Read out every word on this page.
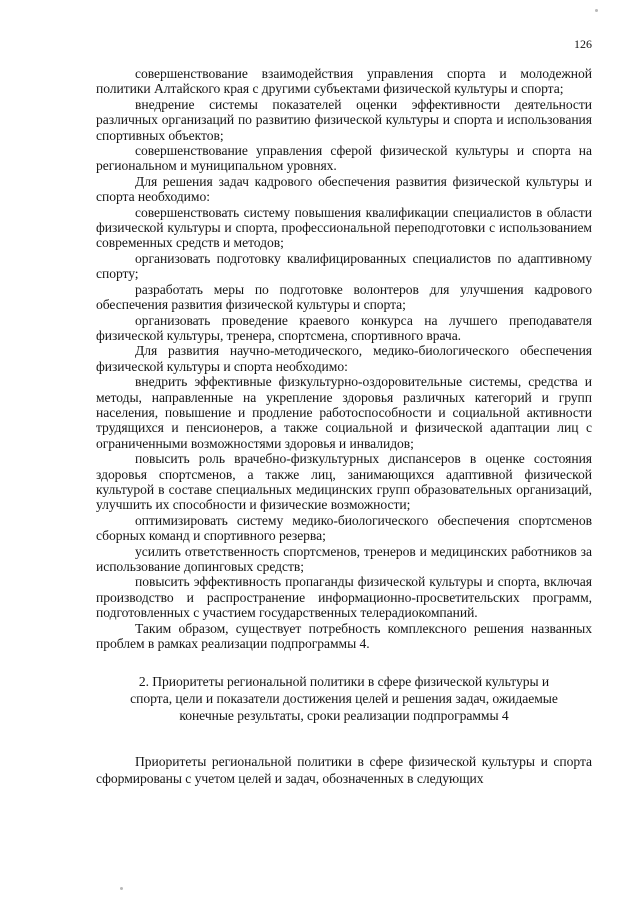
126

совершенствование взаимодействия управления спорта и молодежной политики Алтайского края с другими субъектами физической культуры и спорта;

внедрение системы показателей оценки эффективности деятельности различных организаций по развитию физической культуры и спорта и использования спортивных объектов;

совершенствование управления сферой физической культуры и спорта на региональном и муниципальном уровнях.

Для решения задач кадрового обеспечения развития физической культуры и спорта необходимо:

совершенствовать систему повышения квалификации специалистов в области физической культуры и спорта, профессиональной переподготовки с использованием современных средств и методов;

организовать подготовку квалифицированных специалистов по адаптивному спорту;

разработать меры по подготовке волонтеров для улучшения кадрового обеспечения развития физической культуры и спорта;

организовать проведение краевого конкурса на лучшего преподавателя физической культуры, тренера, спортсмена, спортивного врача.

Для развития научно-методического, медико-биологического обеспечения физической культуры и спорта необходимо:

внедрить эффективные физкультурно-оздоровительные системы, средства и методы, направленные на укрепление здоровья различных категорий и групп населения, повышение и продление работоспособности и социальной активности трудящихся и пенсионеров, а также социальной и физической адаптации лиц с ограниченными возможностями здоровья и инвалидов;

повысить роль врачебно-физкультурных диспансеров в оценке состояния здоровья спортсменов, а также лиц, занимающихся адаптивной физической культурой в составе специальных медицинских групп образовательных организаций, улучшить их способности и физические возможности;

оптимизировать систему медико-биологического обеспечения спортсменов сборных команд и спортивного резерва;

усилить ответственность спортсменов, тренеров и медицинских работников за использование допинговых средств;

повысить эффективность пропаганды физической культуры и спорта, включая производство и распространение информационно-просветительских программ, подготовленных с участием государственных телерадиокомпаний.

Таким образом, существует потребность комплексного решения названных проблем в рамках реализации подпрограммы 4.

2. Приоритеты региональной политики в сфере физической культуры и
спорта, цели и показатели достижения целей и решения задач, ожидаемые
конечные результаты, сроки реализации подпрограммы 4

Приоритеты региональной политики в сфере физической культуры и спорта сформированы с учетом целей и задач, обозначенных в следующих
